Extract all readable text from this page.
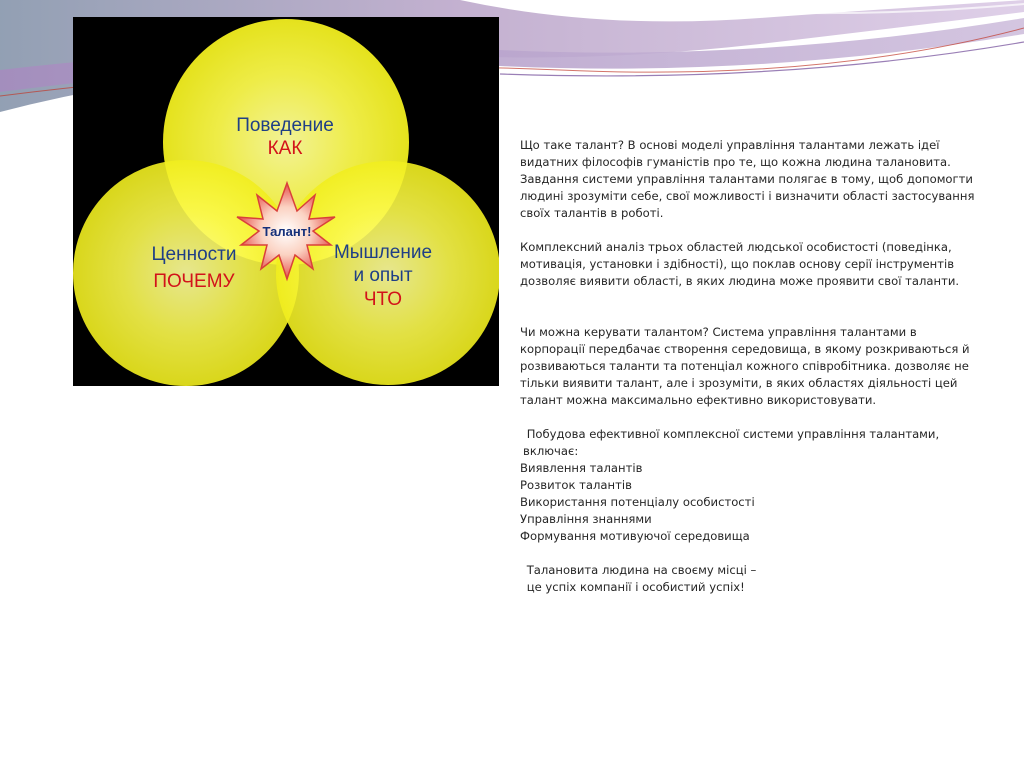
Поведение
КАК
Ценности
ПОЧЕМУ
Мышление
и опыт
ЧТО
Талант!

Що таке талант? В основі моделі управління талантами лежать ідеї видатних філософів гуманістів про те, що кожна людина талановита. Завдання системи управління талантами полягає в тому, щоб допомогти людині зрозуміти себе, свої можливості і визначити області застосування своїх талантів в роботі.

Комплексний аналіз трьох областей людської особистості (поведінка, мотивація, установки і здібності), що поклав основу серії інструментів дозволяє виявити області, в яких людина може проявити свої таланти.

Чи можна керувати талантом? Система управління талантами в корпорації передбачає створення середовища, в якому розкриваються й розвиваються таланти та потенціал кожного співробітника. дозволяє не тільки виявити талант, але і зрозуміти, в яких областях діяльності цей талант можна максимально ефективно використовувати.

Побудова ефективної комплексної системи управління талантами, включає:

Виявлення талантів

Розвиток талантів

Використання потенціалу особистості

Управління знаннями

Формування мотивуючої середовища

Талановита людина на своєму місці –

це успіх компанії і особистий успіх!
